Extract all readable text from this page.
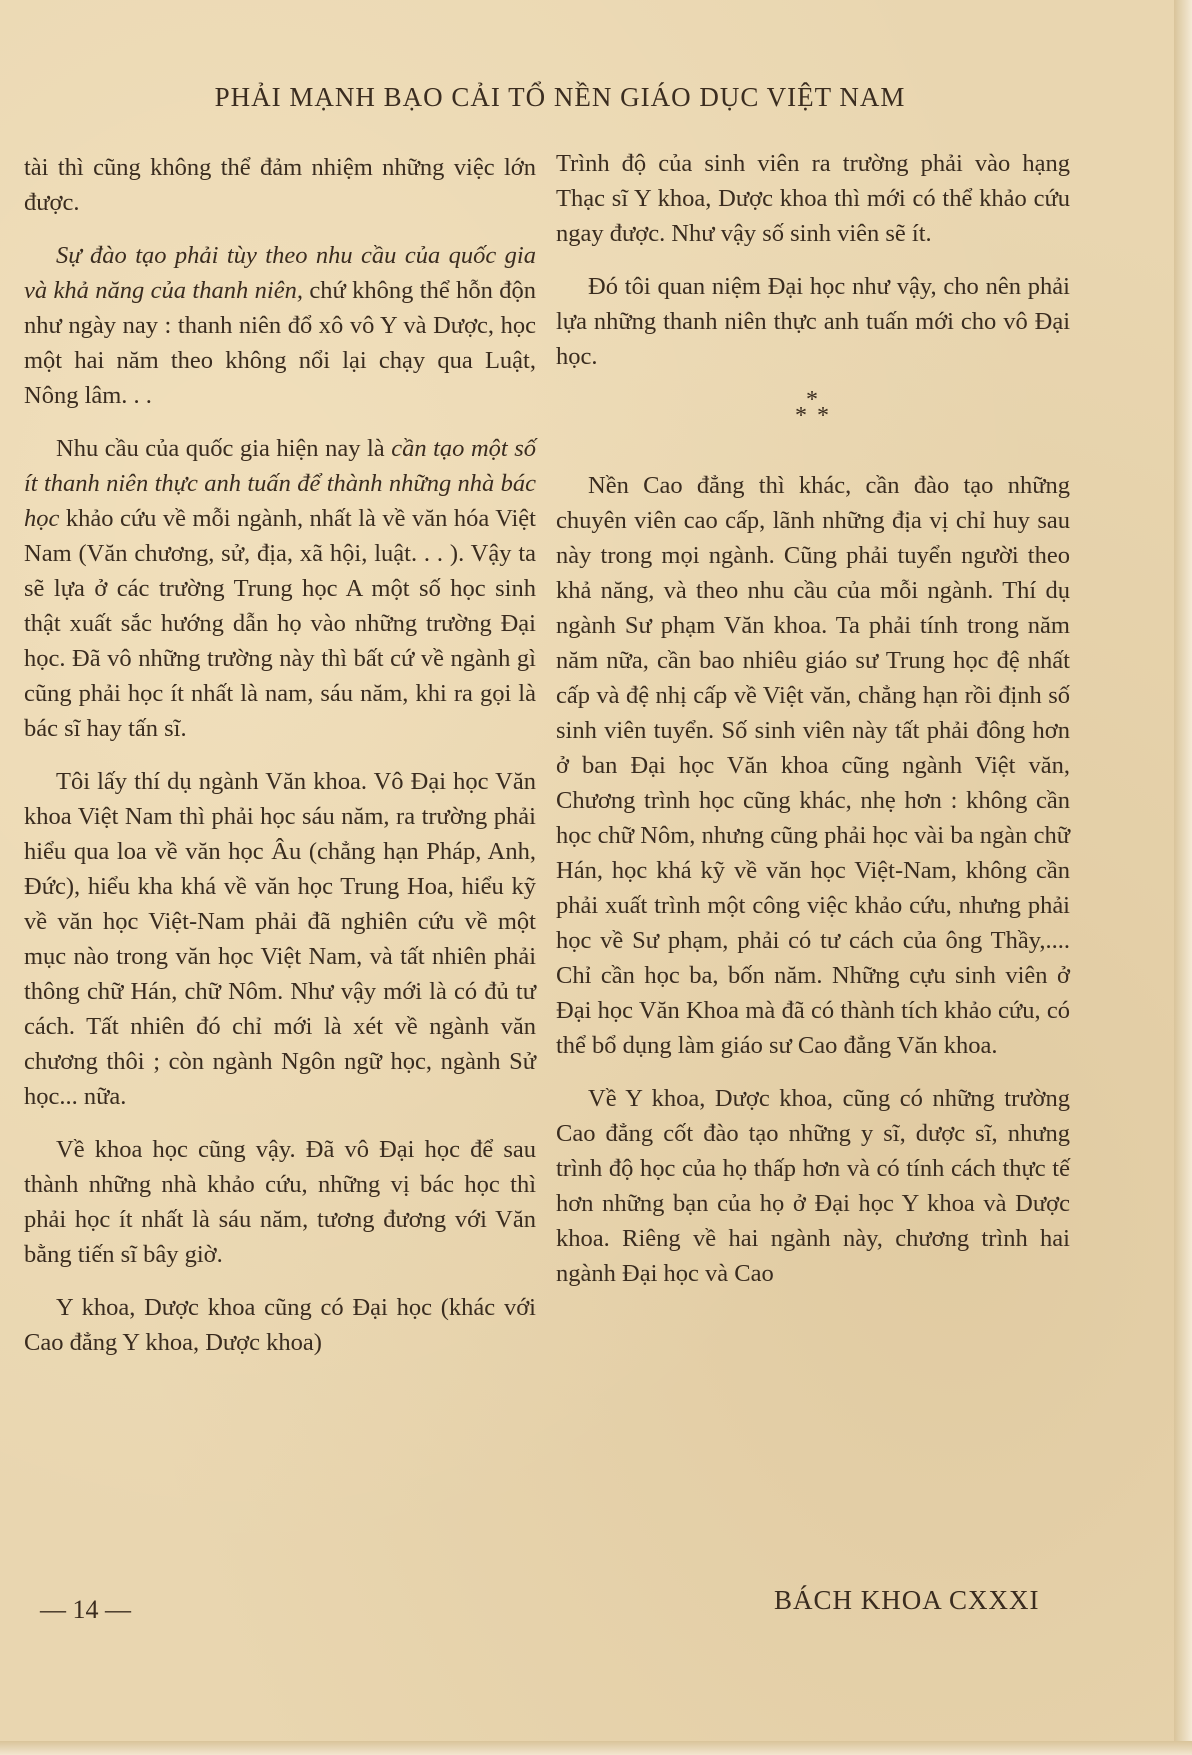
PHẢI MẠNH BẠO CẢI TỔ NỀN GIÁO DỤC VIỆT NAM

tài thì cũng không thể đảm nhiệm những việc lớn được.

Sự đào tạo phải tùy theo nhu cầu của quốc gia và khả năng của thanh niên, chứ không thể hỗn độn như ngày nay : thanh niên đổ xô vô Y và Dược, học một hai năm theo không nổi lại chạy qua Luật, Nông lâm. . .

Nhu cầu của quốc gia hiện nay là cần tạo một số ít thanh niên thực anh tuấn để thành những nhà bác học khảo cứu về mỗi ngành, nhất là về văn hóa Việt Nam (Văn chương, sử, địa, xã hội, luật. . . ). Vậy ta sẽ lựa ở các trường Trung học A một số học sinh thật xuất sắc hướng dẫn họ vào những trường Đại học. Đã vô những trường này thì bất cứ về ngành gì cũng phải học ít nhất là nam, sáu năm, khi ra gọi là bác sĩ hay tấn sĩ.

Tôi lấy thí dụ ngành Văn khoa. Vô Đại học Văn khoa Việt Nam thì phải học sáu năm, ra trường phải hiểu qua loa về văn học Âu (chẳng hạn Pháp, Anh, Đức), hiểu kha khá về văn học Trung Hoa, hiểu kỹ về văn học Việt-Nam phải đã nghiên cứu về một mục nào trong văn học Việt Nam, và tất nhiên phải thông chữ Hán, chữ Nôm. Như vậy mới là có đủ tư cách. Tất nhiên đó chỉ mới là xét về ngành văn chương thôi ; còn ngành Ngôn ngữ học, ngành Sử học... nữa.

Về khoa học cũng vậy. Đã vô Đại học để sau thành những nhà khảo cứu, những vị bác học thì phải học ít nhất là sáu năm, tương đương với Văn bằng tiến sĩ bây giờ.

Y khoa, Dược khoa cũng có Đại học (khác với Cao đẳng Y khoa, Dược khoa)

Trình độ của sinh viên ra trường phải vào hạng Thạc sĩ Y khoa, Dược khoa thì mới có thể khảo cứu ngay được. Như vậy số sinh viên sẽ ít.

Đó tôi quan niệm Đại học như vậy, cho nên phải lựa những thanh niên thực anh tuấn mới cho vô Đại học.

*
* *

Nền Cao đẳng thì khác, cần đào tạo những chuyên viên cao cấp, lãnh những địa vị chỉ huy sau này trong mọi ngành. Cũng phải tuyển người theo khả năng, và theo nhu cầu của mỗi ngành. Thí dụ ngành Sư phạm Văn khoa. Ta phải tính trong năm năm nữa, cần bao nhiêu giáo sư Trung học đệ nhất cấp và đệ nhị cấp về Việt văn, chẳng hạn rồi định số sinh viên tuyển. Số sinh viên này tất phải đông hơn ở ban Đại học Văn khoa cũng ngành Việt văn, Chương trình học cũng khác, nhẹ hơn : không cần học chữ Nôm, nhưng cũng phải học vài ba ngàn chữ Hán, học khá kỹ về văn học Việt-Nam, không cần phải xuất trình một công việc khảo cứu, nhưng phải học về Sư phạm, phải có tư cách của ông Thầy,.... Chỉ cần học ba, bốn năm. Những cựu sinh viên ở Đại học Văn Khoa mà đã có thành tích khảo cứu, có thể bổ dụng làm giáo sư Cao đẳng Văn khoa.

Về Y khoa, Dược khoa, cũng có những trường Cao đẳng cốt đào tạo những y sĩ, dược sĩ, nhưng trình độ học của họ thấp hơn và có tính cách thực tế hơn những bạn của họ ở Đại học Y khoa và Dược khoa. Riêng về hai ngành này, chương trình hai ngành Đại học và Cao

— 14 —	BÁCH KHOA CXXXI
